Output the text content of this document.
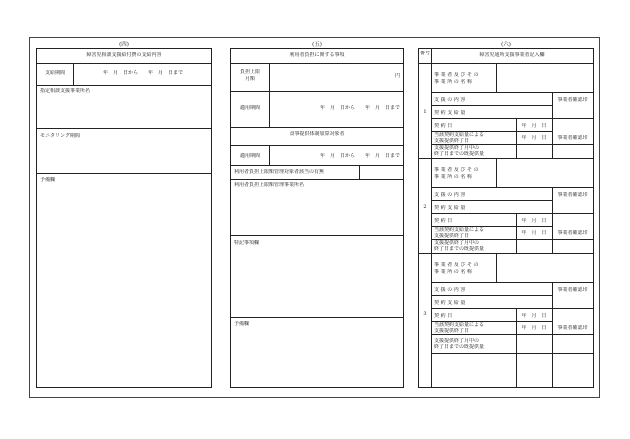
(四)
障害児相談支援給付費の支給内容
支給期間	年　月　日から　　年　月　日まで
指定相談支援事業所名
モニタリング期間
予備欄
(五)
利用者負担に関する事項
負担上限
月額	円
適用期間	年　月　日から　　年　月　日まで
食事提供体制加算対象者
適用期間	年　月　日から　　年　月　日まで
利用者負担上限額管理対象者該当の有無
利用者負担上限額管理事業所名
特記事項欄
予備欄
(六)
番号	障害児通所支援事業者記入欄
1
事業者及びその
事業所の名称
支援の内容	事業者確認印
契約支給量
契約日	年　月　日
当該契約支給量による
支援提供終了日	年　月　日	事業者確認印
支援提供終了月中の
終了日までの既提供量
2
事業者及びその
事業所の名称
支援の内容	事業者確認印
契約支給量
契約日	年　月　日
当該契約支給量による
支援提供終了日	年　月　日	事業者確認印
支援提供終了月中の
終了日までの既提供量
3
事業者及びその
事業所の名称
支援の内容	事業者確認印
契約支給量
契約日	年　月　日
当該契約支給量による
支援提供終了日	年　月　日	事業者確認印
支援提供終了月中の
終了日までの既提供量
